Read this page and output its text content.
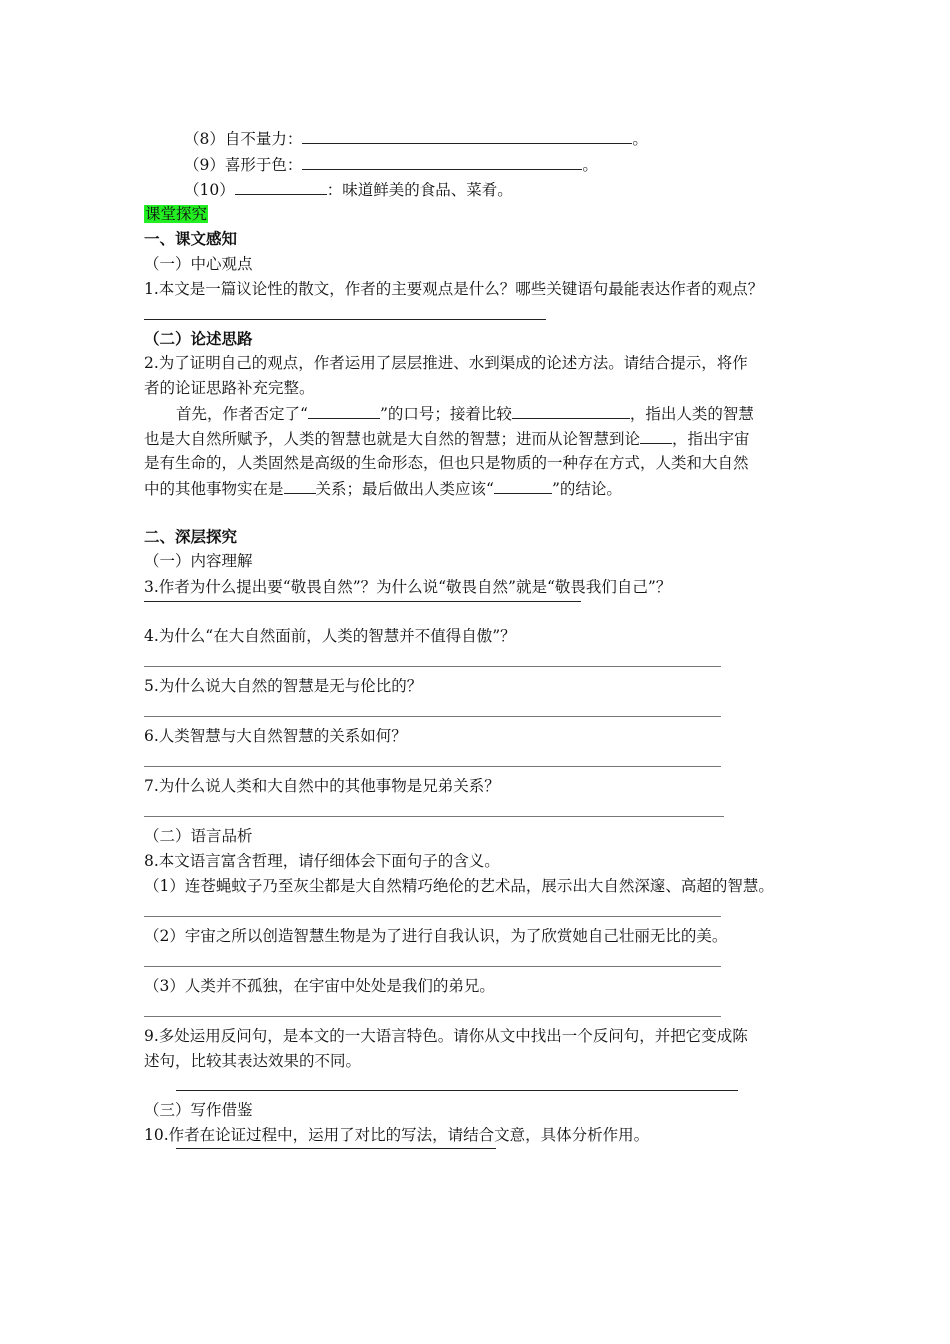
（8）自不量力：	。
（9）喜形于色：	。
（10）	：味道鲜美的食品、菜肴。
课堂探究
一、课文感知
（一）中心观点
1.本文是一篇议论性的散文，作者的主要观点是什么？哪些关键语句最能表达作者的观点？
（二）论述思路
2.为了证明自己的观点，作者运用了层层推进、水到渠成的论述方法。请结合提示，将作
者的论证思路补充完整。
首先，作者否定了“	”的口号；接着比较	，指出人类的智慧
也是大自然所赋予，人类的智慧也就是大自然的智慧；进而从论智慧到论 ，指出宇宙
是有生命的，人类固然是高级的生命形态，但也只是物质的一种存在方式，人类和大自然
中的其他事物实在是 关系；最后做出人类应该“	”的结论。
二、深层探究
（一）内容理解
3.作者为什么提出要“敬畏自然”？为什么说“敬畏自然”就是“敬畏我们自己”？
4.为什么“在大自然面前，人类的智慧并不值得自傲”？
5.为什么说大自然的智慧是无与伦比的？
6.人类智慧与大自然智慧的关系如何？
7.为什么说人类和大自然中的其他事物是兄弟关系？
（二）语言品析
8.本文语言富含哲理，请仔细体会下面句子的含义。
（1）连苍蝇蚊子乃至灰尘都是大自然精巧绝伦的艺术品，展示出大自然深邃、高超的智慧。
（2）宇宙之所以创造智慧生物是为了进行自我认识，为了欣赏她自己壮丽无比的美。
（3）人类并不孤独，在宇宙中处处是我们的弟兄。
9.多处运用反问句，是本文的一大语言特色。请你从文中找出一个反问句，并把它变成陈
述句，比较其表达效果的不同。
（三）写作借鉴
10.作者在论证过程中，运用了对比的写法，请结合文意，具体分析作用。
